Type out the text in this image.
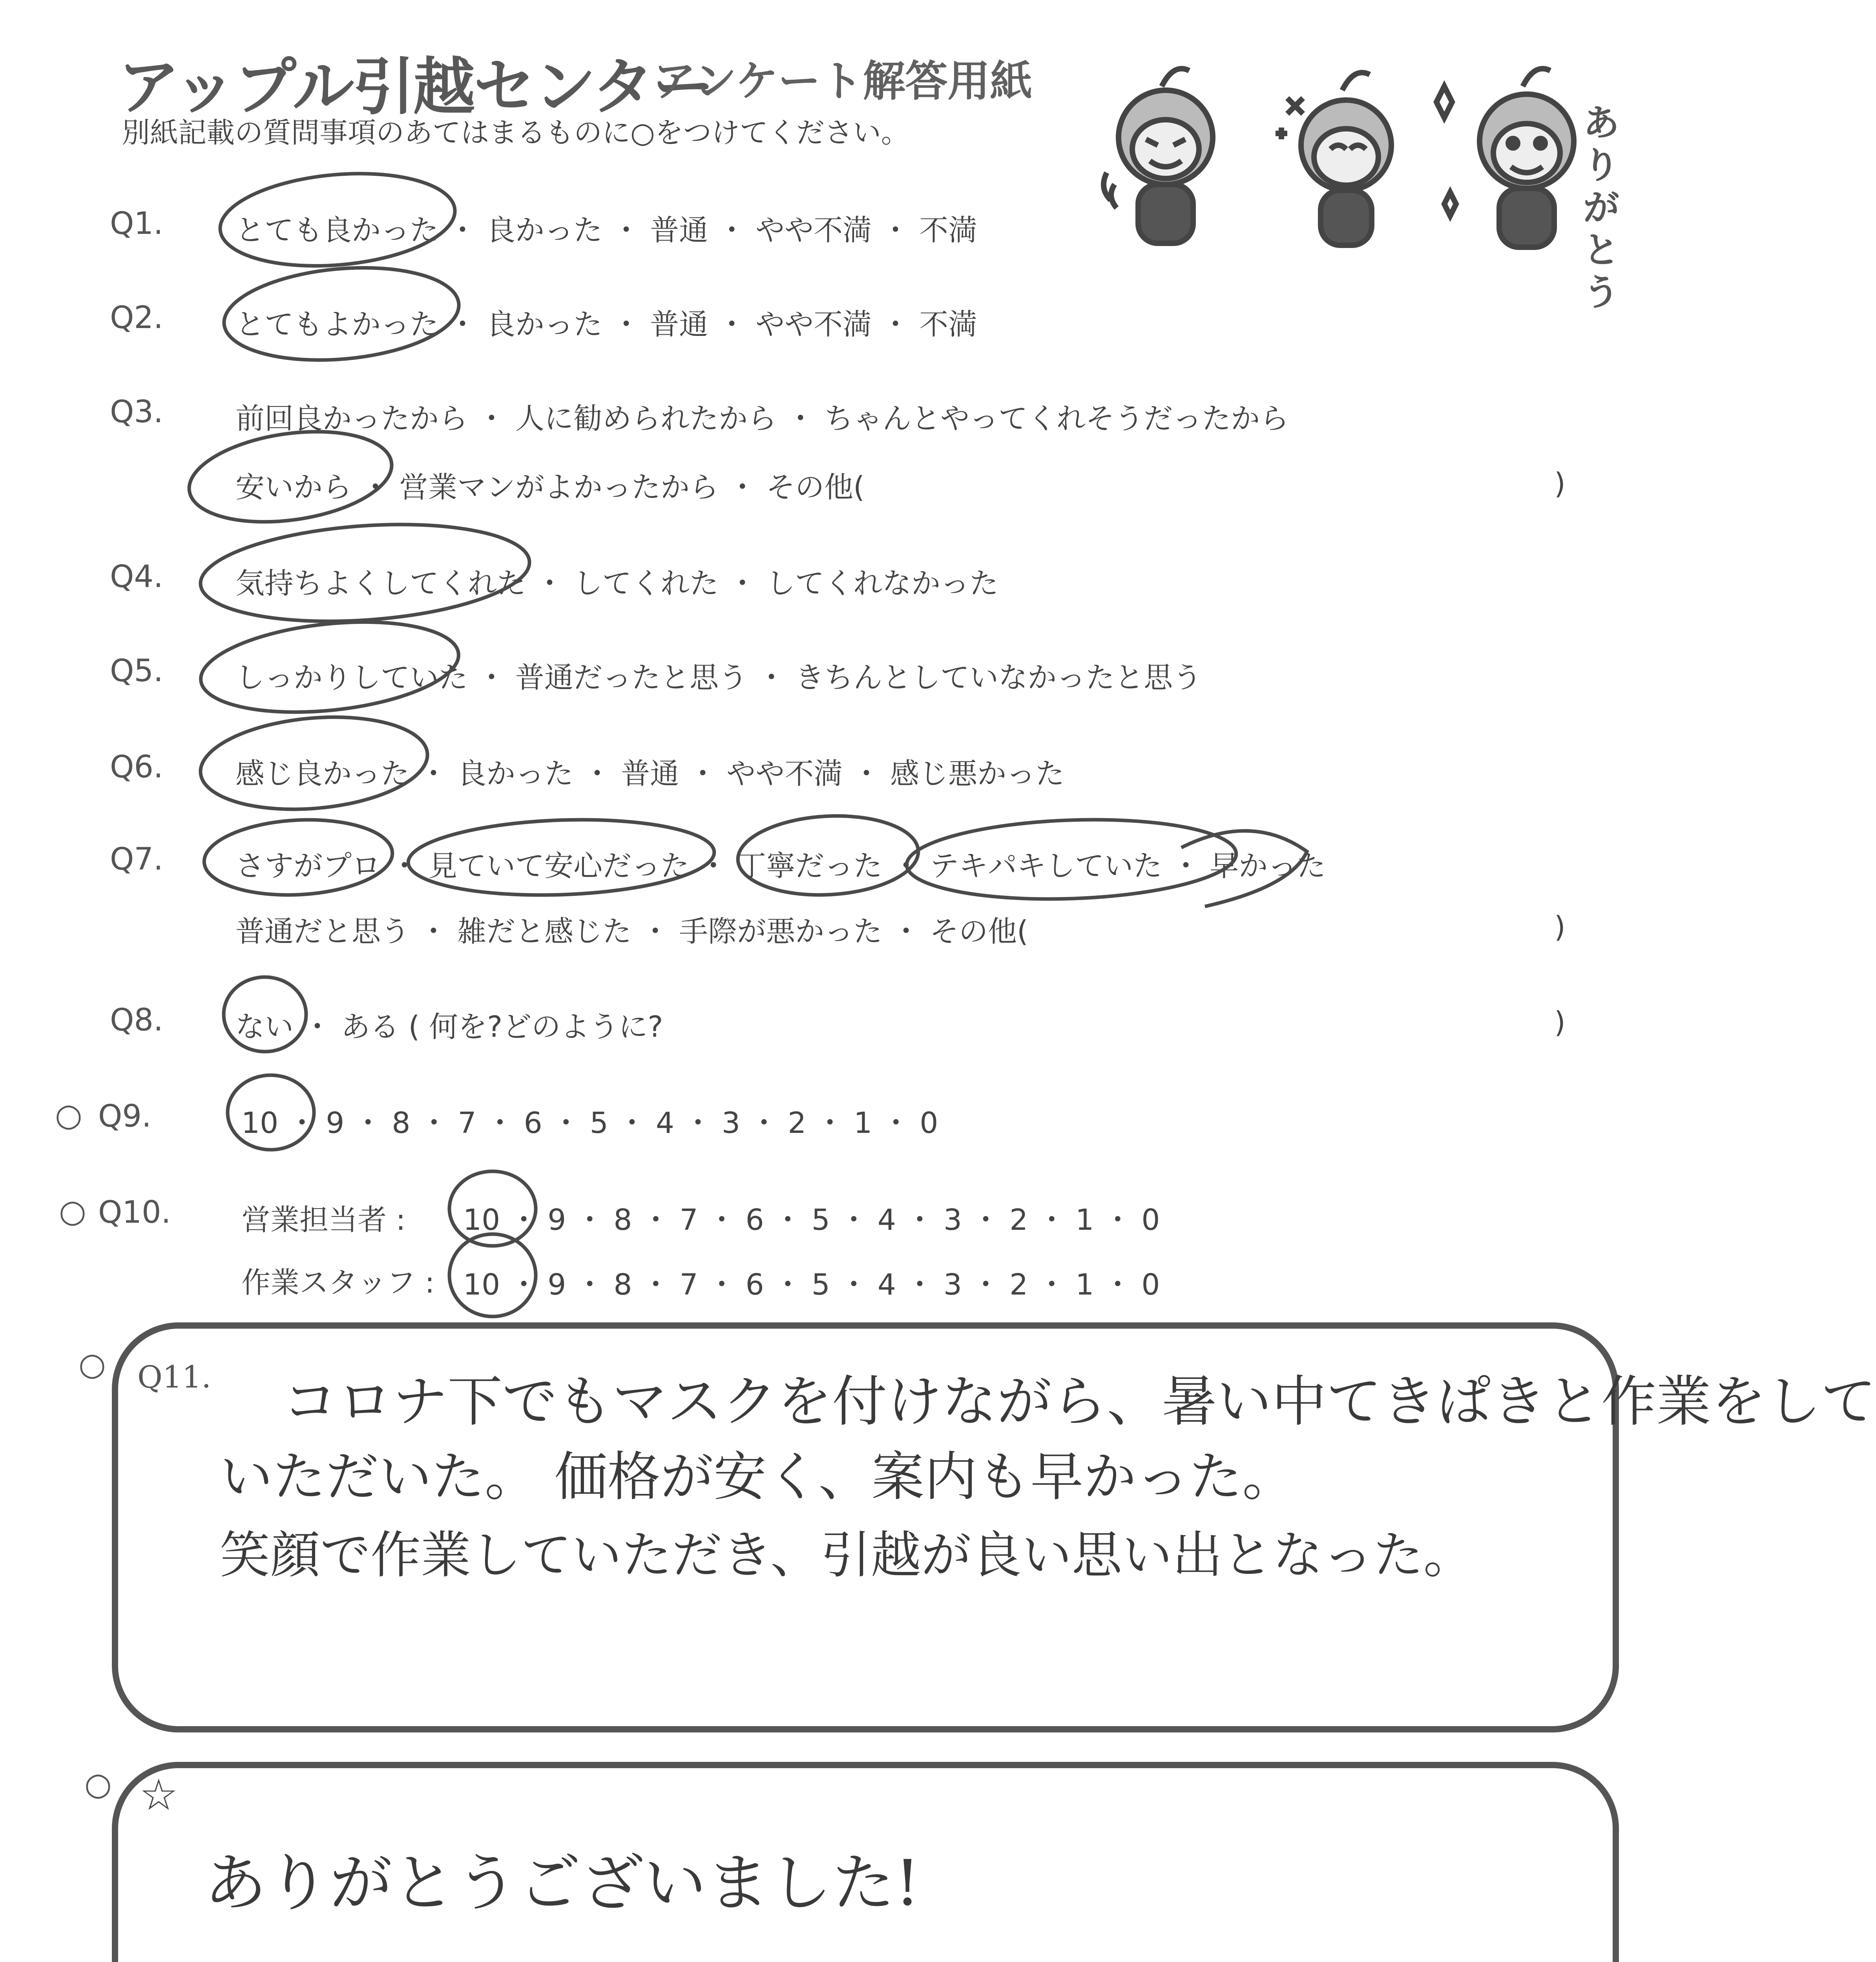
アップル引越センター
アンケート解答用紙
別紙記載の質問事項のあてはまるものに○をつけてください。	ありがとう
Q1. とても良かった ・ 良かった ・ 普通 ・ やや不満 ・ 不満
Q2. とてもよかった ・ 良かった ・ 普通 ・ やや不満 ・ 不満
Q3. 前回良かったから ・ 人に勧められたから ・ ちゃんとやってくれそうだったから
安いから ・ 営業マンがよかったから ・ その他(	)
Q4. 気持ちよくしてくれた ・ してくれた ・ してくれなかった
Q5. しっかりしていた ・ 普通だったと思う ・ きちんとしていなかったと思う
Q6. 感じ良かった ・ 良かった ・ 普通 ・ やや不満 ・ 感じ悪かった
Q7. さすがプロ ・ 見ていて安心だった ・ 丁寧だった ・ テキパキしていた ・ 早かった
普通だと思う ・ 雑だと感じた ・ 手際が悪かった ・ その他(	)
Q8. ない ・ ある ( 何を?どのように?	)
○ Q9.	10 ・ 9 ・ 8 ・ 7 ・ 6 ・ 5 ・ 4 ・ 3 ・ 2 ・ 1 ・ 0
○ Q10. 営業担当者 : 10 ・ 9 ・ 8 ・ 7 ・ 6 ・ 5 ・ 4 ・ 3 ・ 2 ・ 1 ・ 0
作業スタッフ : 10 ・ 9 ・ 8 ・ 7 ・ 6 ・ 5 ・ 4 ・ 3 ・ 2 ・ 1 ・ 0
○ Q11. コロナ下でもマスクを付けながら、暑い中てきぱきと作業をして
いただいた。 価格が安く、案内も早かった。
笑顔で作業していただき、引越が良い思い出となった。
○ ☆
ありがとうございました!
